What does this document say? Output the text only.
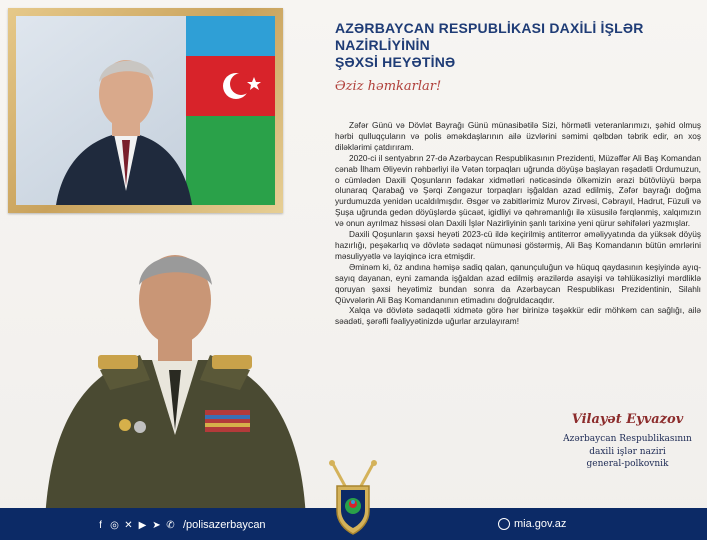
AZƏRBAYCAN RESPUBLİKASI DAXİLİ İŞLƏR NAZİRLİYİNİN
ŞƏXSİ HEYƏTİNƏ
Əziz həmkarlar!

Zəfər Günü və Dövlət Bayrağı Günü münasibətilə Sizi, hörmətli veteranlarımızı, şəhid olmuş hərbi qulluqçuların və polis əməkdaşlarının ailə üzvlərini səmimi qəlbdən təbrik edir, ən xoş diləklərimi çatdırıram.

2020-ci il sentyabrın 27-də Azərbaycan Respublikasının Prezidenti, Müzəffər Ali Baş Komandan cənab İlham Əliyevin rəhbərliyi ilə Vətən torpaqları uğrunda döyüşə başlayan rəşadətli Ordumuzun, o cümlədən Daxili Qoşunların fədakar xidmətləri nəticəsində ölkəmizin ərazi bütövlüyü bərpa olunaraq Qarabağ və Şərqi Zəngəzur torpaqları işğaldan azad edilmiş, Zəfər bayrağı doğma yurdumuzda yenidən ucaldılmışdır. Əsgər və zabitlərimiz Murov Zirvəsi, Cəbrayıl, Hadrut, Füzuli və Şuşa uğrunda gedən döyüşlərdə şücaət, igidliyi və qəhrəmanlığı ilə xüsusilə fərqlənmiş, xalqımızın və onun ayrılmaz hissəsi olan Daxili İşlər Nazirliyinin şanlı tarixinə yeni qürur səhifələri yazmışlar.

Daxili Qoşunların şəxsi heyəti 2023-cü ildə keçirilmiş antiterror əməliyyatında da yüksək döyüş hazırlığı, peşəkarlıq və dövlətə sədaqət nümunəsi göstərmiş, Ali Baş Komandanın bütün əmrlərini məsuliyyətlə və layiqincə icra etmişdir.

Əminəm ki, öz andına həmişə sadiq qalan, qanunçuluğun və hüquq qaydasının keşiyində ayıq-sayıq dayanan, eyni zamanda işğaldan azad edilmiş ərazilərdə asayişi və təhlükəsizliyi mərdliklə qoruyan şəxsi heyətimiz bundan sonra da Azərbaycan Respublikası Prezidentinin, Silahlı Qüvvələrin Ali Baş Komandanının etimadını doğruldacaqdır.

Xalqa və dövlətə sədaqətli xidmətə görə hər birinizə təşəkkür edir möhkəm can sağlığı, ailə səadəti, şərəfli fəaliyyətinizdə uğurlar arzulayıram!

Vilayət Eyvazov
Azərbaycan Respublikasının
daxili işlər naziri
general-polkovnik
f ◎ ✕ ▶ ➤ ✆ /polisazerbaycan	mia.gov.az
